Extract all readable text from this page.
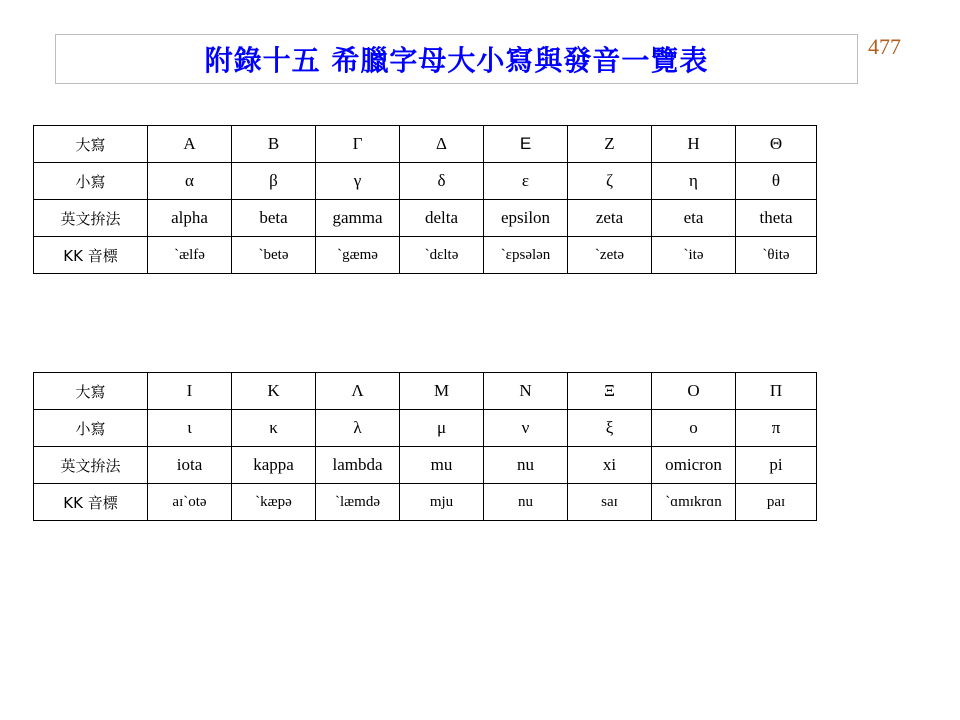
附錄十五 希臘字母大小寫與發音一覽表	477
大寫	Α	Β	Γ	Δ	Ε	Ζ	Η	Θ
小寫	α	β	γ	δ	ε	ζ	η	θ
英文拚法	alpha	beta	gamma	delta	epsilon	zeta	eta	theta
KK 音標	`ælfə	`betə	`gæmə	`dɛltə	`ɛpsələn	`zetə	`itə	`θitə
大寫	Ι	Κ	Λ	Μ	Ν	Ξ	Ο	Π
小寫	ι	κ	λ	μ	ν	ξ	ο	π
英文拚法	iota	kappa	lambda	mu	nu	xi	omicron	pi
KK 音標	aɪ`otə	`kæpə	`læmdə	mju	nu	saɪ	`ɑmɪkrɑn	paɪ
